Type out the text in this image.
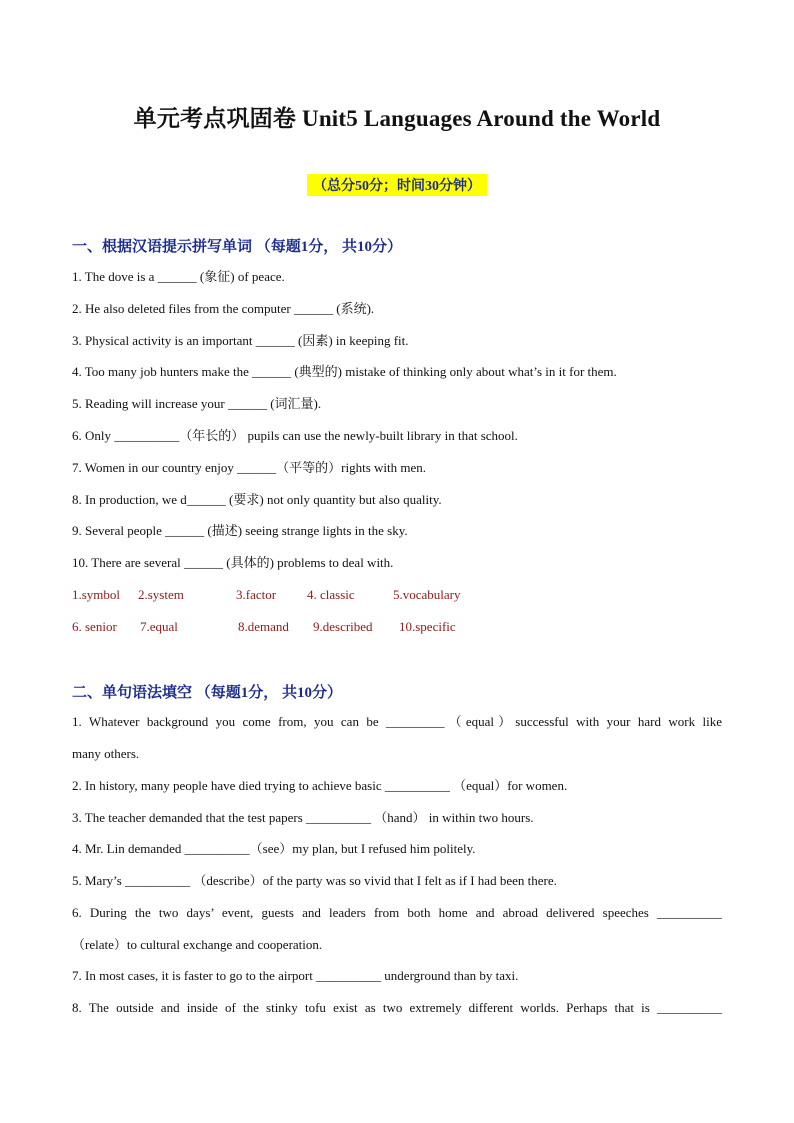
单元考点巩固卷 Unit5 Languages Around the World
（总分50分；时间30分钟）
一、根据汉语提示拼写单词 （每题1分， 共10分）
1. The dove is a ______ (象征) of peace.
2. He also deleted files from the computer ______ (系统).
3. Physical activity is an important ______ (因素) in keeping fit.
4. Too many job hunters make the ______ (典型的) mistake of thinking only about what’s in it for them.
5. Reading will increase your ______ (词汇量).
6. Only __________（年长的） pupils can use the newly-built library in that school.
7. Women in our country enjoy ______（平等的）rights with men.
8. In production, we d______ (要求) not only quantity but also quality.
9. Several people ______ (描述) seeing strange lights in the sky.
10. There are several ______ (具体的) problems to deal with.
1.symbol 2.system	3.factor 4. classic	5.vocabulary
6. senior 7.equal	8.demand 9.described 10.specific
二、单句语法填空 （每题1分， 共10分）
1. Whatever background you come from, you can be _________（equal）successful with your hard work like
many others.
2. In history, many people have died trying to achieve basic __________ （equal）for women.
3. The teacher demanded that the test papers __________ （hand） in within two hours.
4. Mr. Lin demanded __________（see）my plan, but I refused him politely.
5. Mary’s __________ （describe）of the party was so vivid that I felt as if I had been there.
6. During the two days’ event, guests and leaders from both home and abroad delivered speeches __________
（relate）to cultural exchange and cooperation.
7. In most cases, it is faster to go to the airport __________ underground than by taxi.
8. The outside and inside of the stinky tofu exist as two extremely different worlds. Perhaps that is __________
